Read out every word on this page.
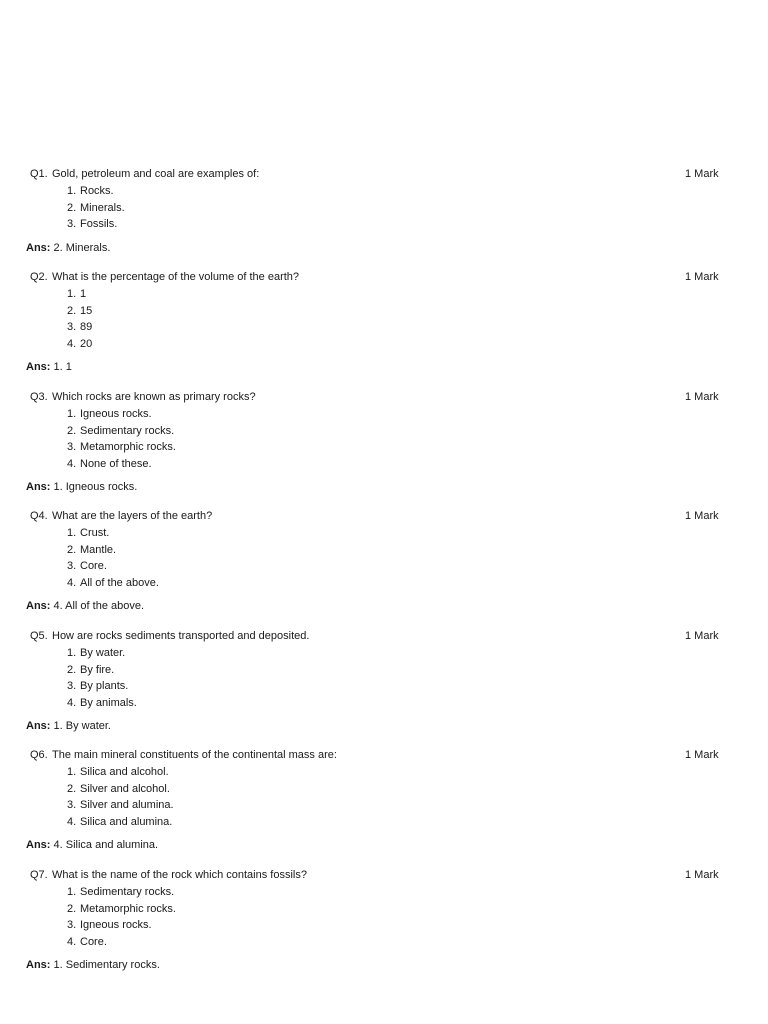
Q1. Gold, petroleum and coal are examples of:	1 Mark
1. Rocks.
2. Minerals.
3. Fossils.
Ans: 2. Minerals.
Q2. What is the percentage of the volume of the earth?	1 Mark
1. 1
2. 15
3. 89
4. 20
Ans: 1. 1
Q3. Which rocks are known as primary rocks?	1 Mark
1. Igneous rocks.
2. Sedimentary rocks.
3. Metamorphic rocks.
4. None of these.
Ans: 1. Igneous rocks.
Q4. What are the layers of the earth?	1 Mark
1. Crust.
2. Mantle.
3. Core.
4. All of the above.
Ans: 4. All of the above.
Q5. How are rocks sediments transported and deposited.	1 Mark
1. By water.
2. By fire.
3. By plants.
4. By animals.
Ans: 1. By water.
Q6. The main mineral constituents of the continental mass are:	1 Mark
1. Silica and alcohol.
2. Silver and alcohol.
3. Silver and alumina.
4. Silica and alumina.
Ans: 4. Silica and alumina.
Q7. What is the name of the rock which contains fossils?	1 Mark
1. Sedimentary rocks.
2. Metamorphic rocks.
3. Igneous rocks.
4. Core.
Ans: 1. Sedimentary rocks.
